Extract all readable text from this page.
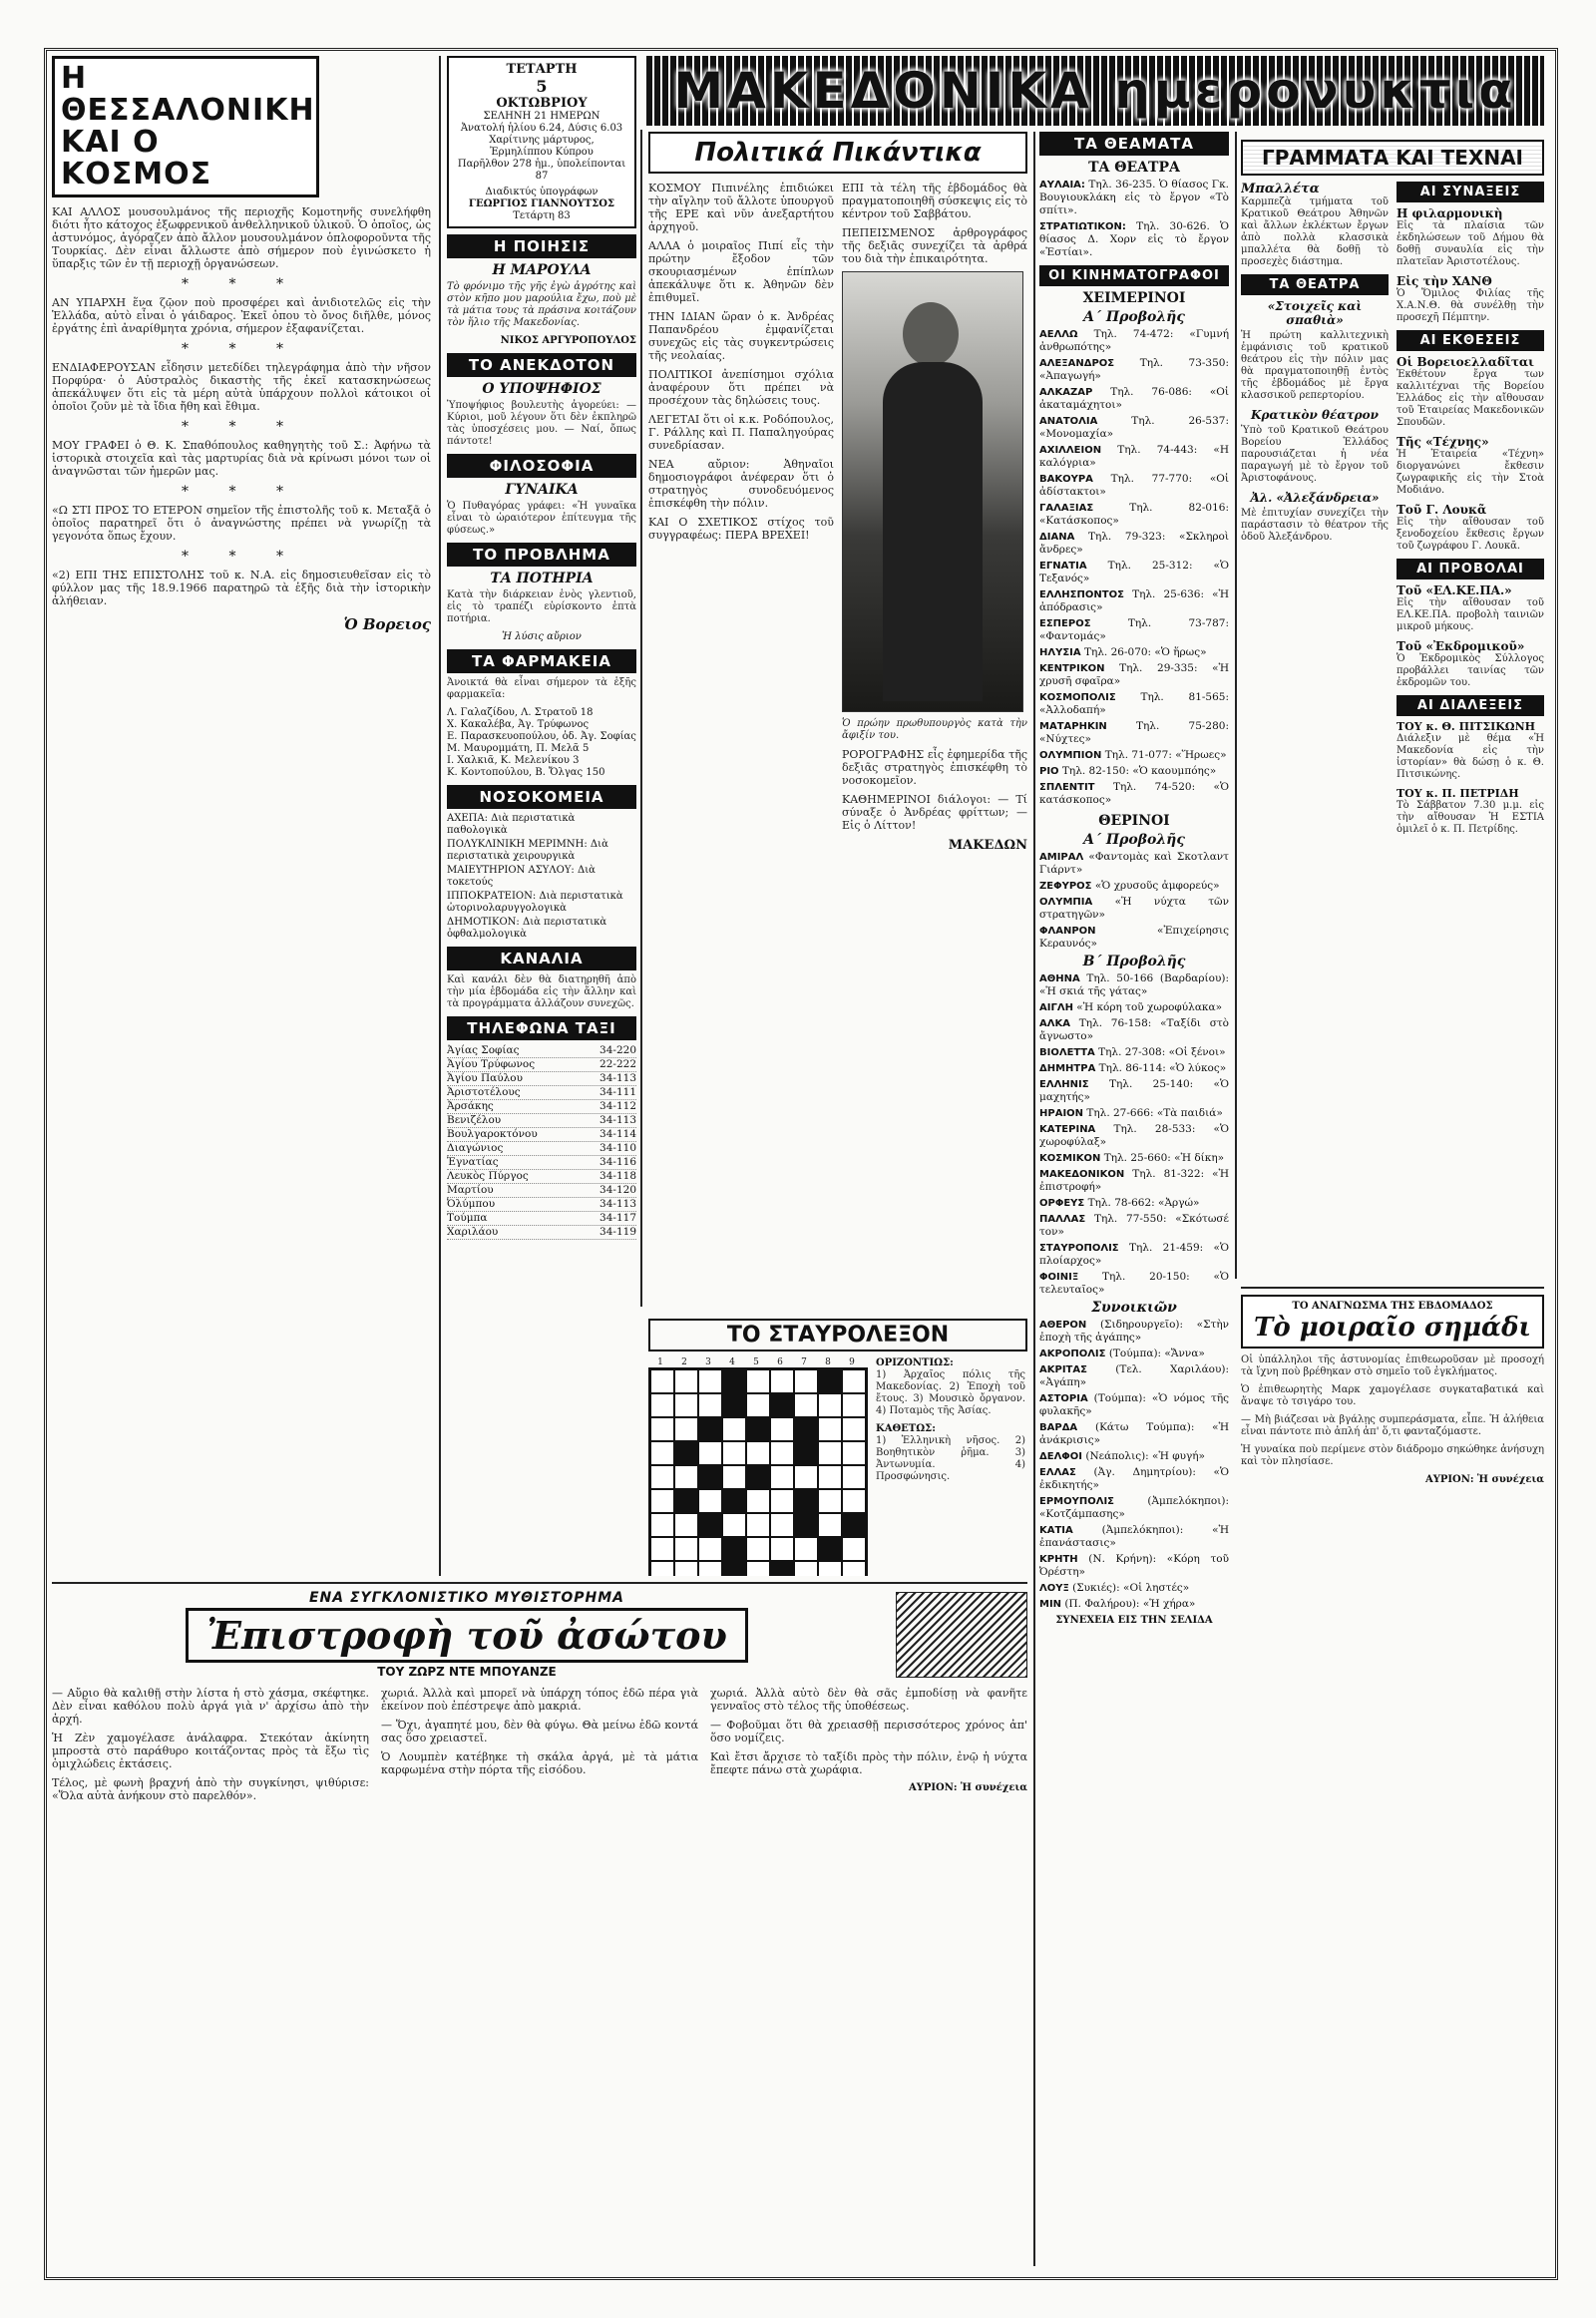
Η ΘΕΣΣΑΛΟΝΙΚΗ ΚΑΙ Ο ΚΟΣΜΟΣ

ΚΑΙ ΑΛΛΟΣ μουσουλμάνος τῆς περιοχῆς Κομοτηνῆς συνελήφθη διότι ἦτο κάτοχος ἐξωφρενικοῦ ἀνθελληνικοῦ ὑλικοῦ. Ὁ ὁποῖος, ὡς ἀστυνόμος, ἀγόραζεν ἀπὸ ἄλλον μουσουλμάνον ὁπλοφοροῦντα τῆς Τουρκίας. Δὲν εἶναι ἄλλωστε ἀπὸ σήμερον ποὺ ἐγινώσκετο ἡ ὕπαρξις τῶν ἐν τῇ περιοχῇ ὀργανώσεων.

* * *

ΑΝ ΥΠΑΡΧΗ ἕνα ζῷον ποὺ προσφέρει καὶ ἀνιδιοτελῶς εἰς τὴν Ἑλλάδα, αὐτὸ εἶναι ὁ γάιδαρος. Ἐκεῖ ὁπου τὸ ὄνος διῆλθε, μόνος ἐργάτης ἐπὶ ἀναρίθμητα χρόνια, σήμερον ἐξαφανίζεται.

* * *

ΕΝΔΙΑΦΕΡΟΥΣΑΝ εἶδησιν μετεδίδει τηλεγράφημα ἀπὸ τὴν νῆσον Πορφύρα· ὁ Αὐστραλὸς δικαστὴς τῆς ἐκεῖ κατασκηνώσεως ἀπεκάλυψεν ὅτι εἰς τὰ μέρη αὐτὰ ὑπάρχουν πολλοὶ κάτοικοι οἱ ὁποῖοι ζοῦν μὲ τὰ ἴδια ἤθη καὶ ἔθιμα.

* * *

ΜΟΥ ΓΡΑΦΕΙ ὁ Θ. Κ. Σπαθόπουλος καθηγητὴς τοῦ Σ.: Ἀφήνω τὰ ἱστορικὰ στοιχεῖα καὶ τὰς μαρτυρίας διὰ νὰ κρίνωσι μόνοι των οἱ ἀναγνῶσται τῶν ἡμερῶν μας.

* * *

«Ω ΣΤΙ ΠΡΟΣ ΤΟ ΕΤΕΡΟΝ σημεῖον τῆς ἐπιστολῆς τοῦ κ. Μεταξᾶ ὁ ὁποῖος παρατηρεῖ ὅτι ὁ ἀναγνώστης πρέπει νὰ γνωρίζῃ τὰ γεγονότα ὅπως ἔχουν.

* * *

«2) ΕΠΙ ΤΗΣ ΕΠΙΣΤΟΛΗΣ τοῦ κ. Ν.Α. εἰς δημοσιευθεῖσαν εἰς τὸ φύλλον μας τῆς 18.9.1966 παρατηρῶ τὰ ἑξῆς διὰ τὴν ἱστορικὴν ἀλήθειαν.

Ὁ Βορειος
ΤΕΤΑΡΤΗ
5
ΟΚΤΩΒΡΙΟΥ
ΣΕΛΗΝΗ 21 ΗΜΕΡΩΝ
Ἀνατολή ἡλίου 6.24, Δύσις 6.03
Χαρίτινης μάρτυρος,
Ἐρμηλίππου Κύπρου
Παρῆλθον 278 ἡμ., ὑπολείπονται 87
Διαδικτύς ὑπογράφων
ΓΕΩΡΓΙΟΣ ΓΙΑΝΝΟΥΤΣΟΣ
Τετάρτη 83
Η ΠΟΙΗΣΙΣ
Η ΜΑΡΟΥΛΑ

Τὸ φρόνιμο τῆς γῆς ἐγὼ ἀγρότης καὶ στὸν κῆπο μου μαρούλια ἔχω, ποὺ μὲ τὰ μάτια τους τὰ πράσινα κοιτάζουν τὸν ἥλιο τῆς Μακεδονίας.

ΝΙΚΟΣ ΑΡΓΥΡΟΠΟΥΛΟΣ
ΤΟ ΑΝΕΚΔΟΤΟΝ
Ο ΥΠΟΨΗΦΙΟΣ

Ὑποψήφιος βουλευτὴς ἀγορεύει: — Κύριοι, μοῦ λέγουν ὅτι δὲν ἐκπληρῶ τὰς ὑποσχέσεις μου. — Ναί, ὄπως πάντοτε!

ΦΙΛΟΣΟΦΙΑ
ΓΥΝΑΙΚΑ

Ὁ Πυθαγόρας γράφει: «Ἡ γυναῖκα εἶναι τὸ ὡραιότερον ἐπίτευγμα τῆς φύσεως.»

ΤΟ ΠΡΟΒΛΗΜΑ
ΤΑ ΠΟΤΗΡΙΑ

Κατὰ τὴν διάρκειαν ἑνὸς γλεντιοῦ, εἰς τὸ τραπέζι εὑρίσκοντο ἑπτὰ ποτήρια.

Ἡ λύσις αὔριον
ΤΑ ΦΑΡΜΑΚΕΙΑ

Ἀνοικτά θὰ εἶναι σήμερον τὰ ἑξῆς φαρμακεῖα:

Λ. Γαλαζίδου, Λ. Στρατοῦ 18
Χ. Κακαλέβα, Ἀγ. Τρύφωνος
Ε. Παρασκευοπούλου, ὁδ. Ἀγ. Σοφίας
Μ. Μαυρομμάτη, Π. Μελᾶ 5
Ι. Χαλκιᾶ, Κ. Μελενίκου 3
Κ. Κοντοπούλου, Β. Ὄλγας 150
ΝΟΣΟΚΟΜΕΙΑ
ΑΧΕΠΑ: Διὰ περιστατικὰ παθολογικὰ
ΠΟΛΥΚΛΙΝΙΚΗ ΜΕΡΙΜΝΗ: Διὰ περιστατικὰ χειρουργικὰ
ΜΑΙΕΥΤΗΡΙΟΝ ΑΣΥΛΟΥ: Διὰ τοκετούς
ΙΠΠΟΚΡΑΤΕΙΟΝ: Διὰ περιστατικὰ ὠτορινολαρυγγολογικὰ
ΔΗΜΟΤΙΚΟΝ: Διὰ περιστατικὰ ὀφθαλμολογικὰ
ΚΑΝΑΛΙΑ

Καὶ κανάλι δὲν θὰ διατηρηθῆ ἀπὸ τὴν μία ἑβδομάδα εἰς τὴν ἄλλην καὶ τὰ προγράμματα ἀλλάζουν συνεχῶς.

ΤΗΛΕΦΩΝΑ ΤΑΞΙ
Ἀγίας Σοφίας	34-220
Ἀγίου Τρύφωνος	22-222
Ἀγίου Παύλου	34-113
Ἀριστοτέλους	34-111
Ἀρσάκης	34-112
Βενιζέλου	34-113
Βουλγαροκτόνου	34-114
Διαγώνιος	34-110
Ἐγνατίας	34-116
Λευκὸς Πύργος	34-118
Μαρτίου	34-120
Ὀλύμπου	34-113
Τούμπα	34-117
Χαριλάου	34-119
ΜΑΚΕΔΟΝΙΚΑ ημερονυκτια
Πολιτικά Πικάντικα

ΚΟΣΜΟΥ Πιπινέλης ἐπιδιώκει τὴν αἴγλην τοῦ ἄλλοτε ὑπουργοῦ τῆς ΕΡΕ καὶ νῦν ἀνεξαρτήτου ἀρχηγοῦ.

ΑΛΛΑ ὁ μοιραῖος Πιπί εἶς τὴν πρώτην ἔξοδον τῶν σκουριασμένων ἐπίπλων ἀπεκάλυψε ὅτι κ. Ἀθηνῶν δὲν ἐπιθυμεῖ.

ΤΗΝ ΙΔΙΑΝ ὥραν ὁ κ. Ἀνδρέας Παπανδρέου ἐμφανίζεται συνεχῶς εἰς τὰς συγκεντρώσεις τῆς νεολαίας.

ΠΟΛΙΤΙΚΟΙ ἀνεπίσημοι σχόλια ἀναφέρουν ὅτι πρέπει νὰ προσέχουν τὰς δηλώσεις τους.

ΛΕΓΕΤΑΙ ὅτι οἱ κ.κ. Ροδόπουλος, Γ. Ράλλης καὶ Π. Παπαληγούρας συνεδρίασαν.

ΝΕΑ αὔριον: Ἀθηναῖοι δημοσιογράφοι ἀνέφεραν ὅτι ὁ στρατηγὸς συνοδευόμενος ἐπισκέφθη τὴν πόλιν.

ΚΑΙ Ο ΣΧΕΤΙΚΟΣ στίχος τοῦ συγγραφέως: ΠΕΡΑ ΒΡΕΧΕΙ!

ΕΠΙ τὰ τέλη τῆς ἑβδομάδος θὰ πραγματοποιηθῆ σύσκεψις εἰς τὸ κέντρον τοῦ Σαββάτου.

ΠΕΠΕΙΣΜΕΝΟΣ ἀρθρογράφος τῆς δεξιᾶς συνεχίζει τὰ ἀρθρά του διὰ τὴν ἐπικαιρότητα.

Ὁ πρώην πρωθυπουργὸς κατὰ τὴν ἄφιξίν του.

ΡΟΡΟΓΡΑΦΗΣ εἶς ἐφημερίδα τῆς δεξιᾶς στρατηγὸς ἐπισκέφθη τὸ νοσοκομεῖον.

ΚΑΘΗΜΕΡΙΝΟΙ διάλογοι: — Τί σύναξε ὁ Ἀνδρέας φρίττων; — Εἰς ὁ Λίττον!

ΜΑΚΕΔΩΝ
ΤΟ ΣΤΑΥΡΟΛΕΞΟΝ
1 2 3 4 5 6 7 8 9 ΟΡΙΖΟΝΤΙΩΣ:

1) Ἀρχαῖος πόλις τῆς Μακεδονίας. 2) Ἐποχὴ τοῦ ἔτους. 3) Μουσικὸ ὄργανον. 4) Ποταμὸς τῆς Ἀσίας.

ΚΑΘΕΤΩΣ:

1) Ἑλληνικὴ νῆσος. 2) Βοηθητικὸν ῥῆμα. 3) Ἀντωνυμία. 4) Προσφώνησις.

ΤΑ ΘΕΑΜΑΤΑ
ΤΑ ΘΕΑΤΡΑ
ΑΥΛΑΙΑ: Τηλ. 36-235. Ὁ θίασος Γκ. Βουγιουκλάκη εἰς τὸ ἔργον «Τὸ σπίτι».
ΣΤΡΑΤΙΩΤΙΚΟΝ: Τηλ. 30-626. Ὁ θίασος Δ. Χορν εἰς τὸ ἔργον «Ἑστίαι».
ΟΙ ΚΙΝΗΜΑΤΟΓΡΑΦΟΙ
ΧΕΙΜΕΡΙΝΟΙ
Α΄ Προβολῆς
ΑΕΛΛΩ Τηλ. 74-472: «Γυμνή ἀνθρωπότης»
ΑΛΕΞΑΝΔΡΟΣ Τηλ. 73-350: «Ἀπαγωγή»
ΑΛΚΑΖΑΡ Τηλ. 76-086: «Οἱ ἀκαταμάχητοι»
ΑΝΑΤΟΛΙΑ	Τηλ. 26-537: «Μονομαχία»
ΑΧΙΛΛΕΙΟΝ Τηλ. 74-443: «Η καλόγρια»
ΒΑΚΟΥΡΑ Τηλ. 77-770: «Οἱ ἀδίστακτοι»
ΓΑΛΑΞΙΑΣ	Τηλ. 82-016: «Κατάσκοπος»
ΔΙΑΝΑ Τηλ. 79-323: «Σκληροὶ ἄνδρες»
ΕΓΝΑΤΙΑ Τηλ. 25-312: «Ὁ Τεξανός»
ΕΛΛΗΣΠΟΝΤΟΣ Τηλ. 25-636: «Ἡ ἀπόδρασις»
ΕΣΠΕΡΟΣ	Τηλ. 73-787: «Φαντομάς»
ΗΛΥΣΙΑ Τηλ. 26-070: «Ὁ ἥρως»
ΚΕΝΤΡΙΚΟΝ Τηλ. 29-335: «Ἡ χρυσῆ σφαῖρα»
ΚΟΣΜΟΠΟΛΙΣ Τηλ. 81-565: «Ἀλλοδαπή»
ΜΑΤΑΡΗΚΙΝ	Τηλ. 75-280: «Νύχτες»
ΟΛΥΜΠΙΟΝ Τηλ. 71-077: «Ἥρωες»
ΡΙΟ Τηλ. 82-150: «Ὁ καουμπόης»
ΣΠΛΕΝΤΙΤ Τηλ. 74-520: «Ὁ κατάσκοπος»
ΘΕΡΙΝΟΙ
Α΄ Προβολῆς
ΑΜΙΡΑΛ «Φαντομὰς καὶ Σκοτλαντ Γιάρντ»
ΖΕΦΥΡΟΣ «Ὁ χρυσοῦς ἀμφορεύς»
ΟΛΥΜΠΙΑ «Ἡ νύχτα τῶν στρατηγῶν»
ΦΛΑΝΡΟΝ	«Ἐπιχείρησις Κεραυνός»
Β΄ Προβολῆς
ΑΘΗΝΑ Τηλ. 50-166 (Βαρδαρίου): «Ἡ σκιά τῆς γάτας»
ΑΙΓΛΗ «Ἡ κόρη τοῦ χωροφύλακα»
ΑΛΚΑ Τηλ. 76-158: «Ταξίδι στὸ ἄγνωστο»
ΒΙΟΛΕΤΤΑ Τηλ. 27-308: «Οἱ ξένοι»
ΔΗΜΗΤΡΑ Τηλ. 86-114: «Ὁ λύκος»
ΕΛΛΗΝΙΣ Τηλ. 25-140: «Ὁ μαχητής»
ΗΡΑΙΟΝ Τηλ. 27-666: «Τὰ παιδιά»
ΚΑΤΕΡΙΝΑ Τηλ. 28-533: «Ὁ χωροφύλαξ»
ΚΟΣΜΙΚΟΝ Τηλ. 25-660: «Ἡ δίκη»
ΜΑΚΕΔΟΝΙΚΟΝ Τηλ. 81-322: «Ἡ ἐπιστροφή»
ΟΡΦΕΥΣ Τηλ. 78-662: «Ἀργώ»
ΠΑΛΛΑΣ Τηλ. 77-550: «Σκότωσέ τον»
ΣΤΑΥΡΟΠΟΛΙΣ Τηλ. 21-459: «Ὁ πλοίαρχος»
ΦΟΙΝΙΞ Τηλ. 20-150: «Ὁ τελευταῖος»
Συνοικιῶν
ΑΘΕΡΟΝ (Σιδηρουργεῖο): «Στὴν ἐποχὴ τῆς ἀγάπης»
ΑΚΡΟΠΟΛΙΣ (Τούμπα): «Ἄννα»
ΑΚΡΙΤΑΣ	(Τελ. Χαριλάου): «Ἀγάπη»
ΑΣΤΟΡΙΑ (Τούμπα): «Ὁ νόμος τῆς φυλακῆς»
ΒΑΡΔΑ (Κάτω Τούμπα): «Ἡ ἀνάκρισις»
ΔΕΛΦΟΙ (Νεάπολις): «Ἡ φυγή»
ΕΛΛΑΣ (Ἀγ. Δημητρίου): «Ὁ ἐκδικητής»
ΕΡΜΟΥΠΟΛΙΣ	(Ἀμπελόκηποι): «Κοτζάμπασης»
ΚΑΤΙΑ	(Ἀμπελόκηποι): «Ἡ ἐπανάστασις»
ΚΡΗΤΗ (Ν. Κρήνη): «Κόρη τοῦ Ὀρέστη»
ΛΟΥΞ (Συκιές): «Οἱ ληστές»
ΜΙΝ (Π. Φαλήρου): «Ἡ χήρα»
ΣΥΝΕΧΕΙΑ ΕΙΣ ΤΗΝ ΣΕΛΙΔΑ
ΓΡΑΜΜΑΤΑ ΚΑΙ ΤΕΧΝΑΙ
Μπαλλέτα

Καρμπεζὰ τμήματα τοῦ Κρατικοῦ Θεάτρου Ἀθηνῶν καὶ ἄλλων ἐκλέκτων ἔργων ἀπὸ πολλὰ κλασσικὰ μπαλλέτα θὰ δοθῇ τὸ προσεχὲς διάστημα.

ΤΑ ΘΕΑΤΡΑ
«Στοιχεῖς καὶ σπαθιὰ»

Ἡ πρώτη καλλιτεχνικὴ ἐμφάνισις τοῦ κρατικοῦ θεάτρου εἰς τὴν πόλιν μας θὰ πραγματοποιηθῇ ἐντὸς τῆς ἑβδομάδος μὲ ἔργα κλασσικοῦ ρεπερτορίου.

Κρατικὸν θέατρον

Ὑπὸ τοῦ Κρατικοῦ Θεάτρου Βορείου Ἑλλάδος παρουσιάζεται ἡ νέα παραγωγή μὲ τὸ ἔργον τοῦ Ἀριστοφάνους.

Ἀλ. «Ἀλεξάνδρεια»

Μὲ ἐπιτυχίαν συνεχίζει τὴν παράστασιν τὸ θέατρον τῆς ὁδοῦ Ἀλεξάνδρου.

ΑΙ ΣΥΝΑΞΕΙΣ
Η φιλαρμονικὴ

Εἰς τὰ πλαίσια τῶν ἐκδηλώσεων τοῦ Δήμου θὰ δοθῇ συναυλία εἰς τὴν πλατεῖαν Ἀριστοτέλους.

Εἰς τὴν ΧΑΝΘ

Ὁ Ὅμιλος Φιλίας τῆς Χ.Α.Ν.Θ. θὰ συνέλθῃ τὴν προσεχῆ Πέμπτην.

ΑΙ ΕΚΘΕΣΕΙΣ
Οἱ Βορειοελλαδῖται

Ἐκθέτουν ἔργα των καλλιτέχναι τῆς Βορείου Ἑλλάδος εἰς τὴν αἴθουσαν τοῦ Ἑταιρείας Μακεδονικῶν Σπουδῶν.

Τῆς «Τέχνης»

Ἡ Ἑταιρεία «Τέχνη» διοργανώνει ἔκθεσιν ζωγραφικῆς εἰς τὴν Στοὰ Μοδιάνο.

Τοῦ Γ. Λουκᾶ

Εἰς τὴν αἴθουσαν τοῦ ξενοδοχείου ἔκθεσις ἔργων τοῦ ζωγράφου Γ. Λουκᾶ.

ΑΙ ΠΡΟΒΟΛΑΙ
Τοῦ «ΕΛ.ΚΕ.ΠΑ.»

Εἰς τὴν αἴθουσαν τοῦ ΕΛ.ΚΕ.ΠΑ. προβολὴ ταινιῶν μικροῦ μήκους.

Τοῦ «Ἐκδρομικοῦ»

Ὁ Ἐκδρομικὸς Σύλλογος προβάλλει ταινίας τῶν ἐκδρομῶν του.

ΑΙ ΔΙΑΛΕΞΕΙΣ
ΤΟΥ κ. Θ. ΠΙΤΣΙΚΩΝΗ

Διάλεξιν μὲ θέμα «Ἡ Μακεδονία εἰς τὴν ἱστορίαν» θὰ δώσῃ ὁ κ. Θ. Πιτσικώνης.

ΤΟΥ κ. Π. ΠΕΤΡΙΔΗ

Τὸ Σάββατον 7.30 μ.μ. εἰς τὴν αἴθουσαν Ἡ ΕΣΤΙΑ ὁμιλεῖ ὁ κ. Π. Πετρίδης.

ΤΟ ΑΝΑΓΝΩΣΜΑ ΤΗΣ ΕΒΔΟΜΑΔΟΣ
Τὸ μοιραῖο σημάδι

Οἱ ὑπάλληλοι τῆς ἀστυνομίας ἐπιθεωροῦσαν μὲ προσοχή τὰ ἴχνη ποὺ βρέθηκαν στὸ σημεῖο τοῦ ἐγκλήματος.

Ὁ ἐπιθεωρητὴς Μαρκ χαμογέλασε συγκαταβατικά καὶ ἄναψε τὸ τσιγάρο του.

— Μὴ βιάζεσαι νὰ βγάλῃς συμπεράσματα, εἶπε. Ἡ ἀλήθεια εἶναι πάντοτε πιὸ ἁπλή ἀπ' ὅ,τι φανταζόμαστε.

Ἡ γυναίκα ποὺ περίμενε στὸν διάδρομο σηκώθηκε ἀνήσυχη καὶ τὸν πλησίασε.

ΑΥΡΙΟΝ: Ἡ συνέχεια
ΕΝΑ ΣΥΓΚΛΟΝΙΣΤΙΚΟ ΜΥΘΙΣΤΟΡΗΜΑ
Ἐπιστροφὴ τοῦ ἀσώτου
ΤΟΥ ΖΩΡΖ ΝΤΕ ΜΠΟΥΑΝΖΕ

— Αὔριο θὰ καλιθῇ στὴν λίστα ἡ στὸ χάσμα, σκέφτηκε. Δὲν εἶναι καθόλου πολὺ ἀργά γιὰ ν' ἀρχίσω ἀπὸ τὴν ἀρχή.

Ἡ Ζὲν χαμογέλασε ἀνάλαφρα. Στεκόταν ἀκίνητη μπροστὰ στὸ παράθυρο κοιτάζοντας πρὸς τὰ ἔξω τὶς ὁμιχλώδεις ἐκτάσεις.

Τέλος, μὲ φωνὴ βραχνή ἀπὸ τὴν συγκίνησι, ψιθύρισε: «Ὅλα αὐτὰ ἀνήκουν στὸ παρελθόν».

χωριά. Ἀλλὰ καὶ μπορεῖ νὰ ὑπάρχη τόπος ἐδῶ πέρα γιὰ ἐκείνον ποὺ ἐπέστρεψε ἀπὸ μακριά.

— Ὅχι, ἀγαπητέ μου, δὲν θὰ φύγω. Θὰ μείνω ἐδῶ κοντά σας ὅσο χρειαστεῖ.

Ὁ Λουμπὲν κατέβηκε τὴ σκάλα ἀργά, μὲ τὰ μάτια καρφωμένα στὴν πόρτα τῆς εἰσόδου.

χωριά. Ἀλλὰ αὐτὸ δὲν θὰ σᾶς ἐμποδίσῃ νὰ φανῆτε γενναῖος στὸ τέλος τῆς ὑποθέσεως.

— Φοβοῦμαι ὅτι θὰ χρειασθῇ περισσότερος χρόνος ἀπ' ὅσο νομίζεις.

Καὶ ἔτσι ἄρχισε τὸ ταξίδι πρὸς τὴν πόλιν, ἐνῷ ἡ νύχτα ἔπεφτε πάνω στὰ χωράφια.

ΑΥΡΙΟΝ: Ἡ συνέχεια
